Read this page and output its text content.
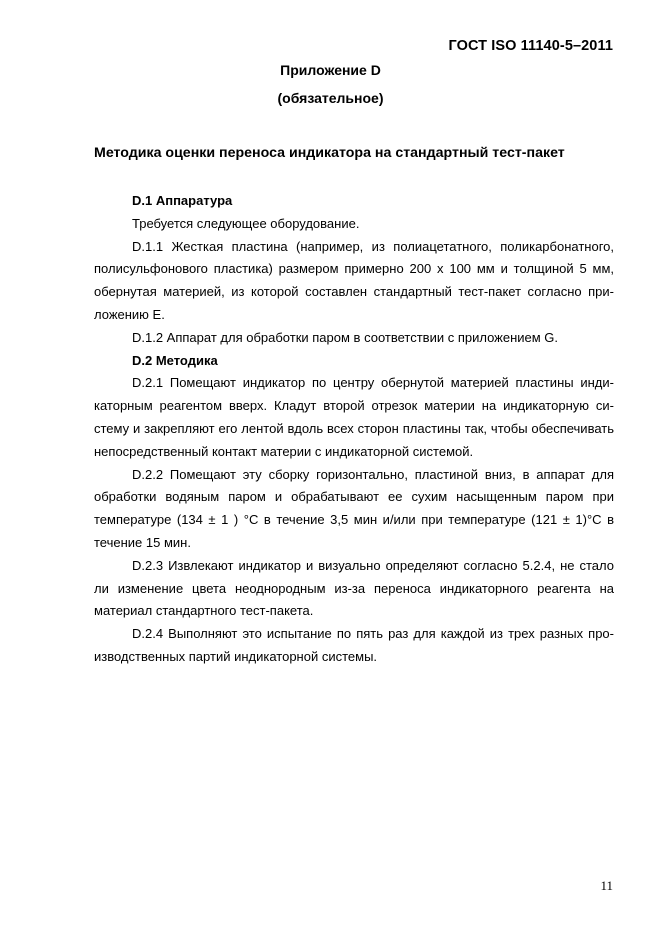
ГОСТ ISO 11140-5–2011
Приложение D
(обязательное)
Методика оценки переноса индикатора на стандартный тест-пакет

D.1 Аппаратура

Требуется следующее оборудование.

D.1.1 Жесткая пластина (например, из полиацетатного, поликарбонатного, полисульфонового пластика) размером примерно 200 х 100 мм и толщиной 5 мм, обернутая материей, из которой составлен стандартный тест-пакет согласно приложению E.

D.1.2 Аппарат для обработки паром в соответствии с приложением G.

D.2 Методика

D.2.1 Помещают индикатор по центру обернутой материей пластины индикаторным реагентом вверх. Кладут второй отрезок материи на индикаторную систему и закрепляют его лентой вдоль всех сторон пластины так, чтобы обеспечивать непосредственный контакт материи с индикаторной системой.

D.2.2 Помещают эту сборку горизонтально, пластиной вниз, в аппарат для обработки водяным паром и обрабатывают ее сухим насыщенным паром при температуре (134 ± 1 ) °C в течение 3,5 мин и/или при температуре (121 ± 1)°C в течение 15 мин.

D.2.3 Извлекают индикатор и визуально определяют согласно 5.2.4, не стало ли изменение цвета неоднородным из-за переноса индикаторного реагента на материал стандартного тест-пакета.

D.2.4 Выполняют это испытание по пять раз для каждой из трех разных производственных партий индикаторной системы.

11
